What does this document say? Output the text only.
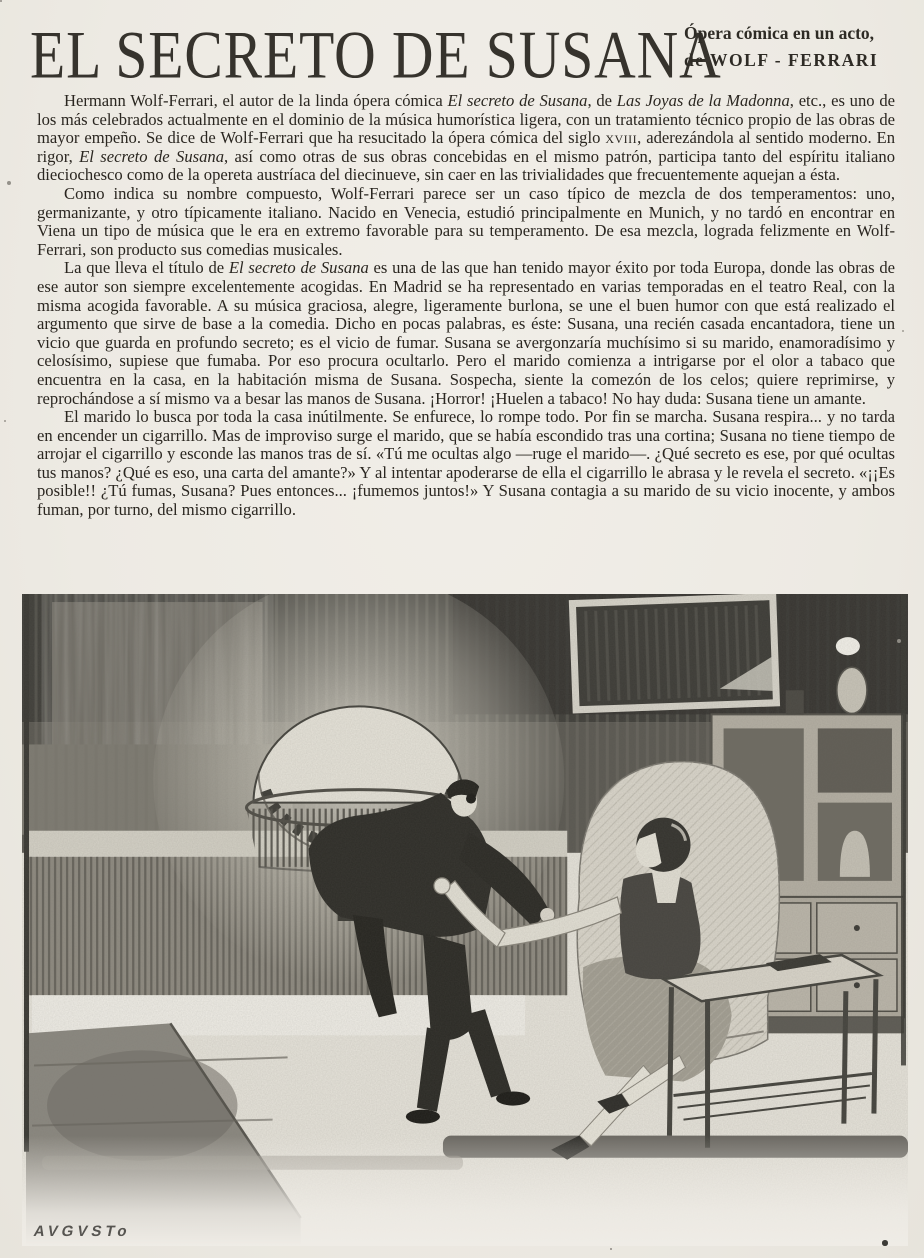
EL SECRETO DE SUSANA
Ópera cómica en un acto,
de WOLF - FERRARI

Hermann Wolf-Ferrari, el autor de la linda ópera cómica El secreto de Susana, de Las Joyas de la Madonna, etc., es uno de los más celebrados actualmente en el dominio de la música humorística ligera, con un tratamiento técnico propio de las obras de mayor empeño. Se dice de Wolf-Ferrari que ha resucitado la ópera cómica del siglo xviii, aderezándola al sentido moderno. En rigor, El secreto de Susana, así como otras de sus obras concebidas en el mismo patrón, participa tanto del espíritu italiano dieciochesco como de la opereta austríaca del diecinueve, sin caer en las trivialidades que frecuentemente aquejan a ésta.

Como indica su nombre compuesto, Wolf-Ferrari parece ser un caso típico de mezcla de dos temperamentos: uno, germanizante, y otro típicamente italiano. Nacido en Venecia, estudió principalmente en Munich, y no tardó en encontrar en Viena un tipo de música que le era en extremo favorable para su temperamento. De esa mezcla, lograda felizmente en Wolf-Ferrari, son producto sus comedias musicales.

La que lleva el título de El secreto de Susana es una de las que han tenido mayor éxito por toda Europa, donde las obras de ese autor son siempre excelentemente acogidas. En Madrid se ha representado en varias temporadas en el teatro Real, con la misma acogida favorable. A su música graciosa, alegre, ligeramente burlona, se une el buen humor con que está realizado el argumento que sirve de base a la comedia. Dicho en pocas palabras, es éste: Susana, una recién casada encantadora, tiene un vicio que guarda en profundo secreto; es el vicio de fumar. Susana se avergonzaría muchísimo si su marido, enamoradísimo y celosísimo, supiese que fumaba. Por eso procura ocultarlo. Pero el marido comienza a intrigarse por el olor a tabaco que encuentra en la casa, en la habitación misma de Susana. Sospecha, siente la comezón de los celos; quiere reprimirse, y reprochándose a sí mismo va a besar las manos de Susana. ¡Horror! ¡Huelen a tabaco! No hay duda: Susana tiene un amante.

El marido lo busca por toda la casa inútilmente. Se enfurece, lo rompe todo. Por fin se marcha. Susana respira... y no tarda en encender un cigarrillo. Mas de improviso surge el marido, que se había escondido tras una cortina; Susana no tiene tiempo de arrojar el cigarrillo y esconde las manos tras de sí. «Tú me ocultas algo —ruge el marido—. ¿Qué secreto es ese, por qué ocultas tus manos? ¿Qué es eso, una carta del amante?» Y al intentar apoderarse de ella el cigarrillo le abrasa y le revela el secreto. «¡¡Es posible!! ¿Tú fumas, Susana? Pues entonces... ¡fumemos juntos!» Y Susana contagia a su marido de su vicio inocente, y ambos fuman, por turno, del mismo cigarrillo.

AVGVSTo
